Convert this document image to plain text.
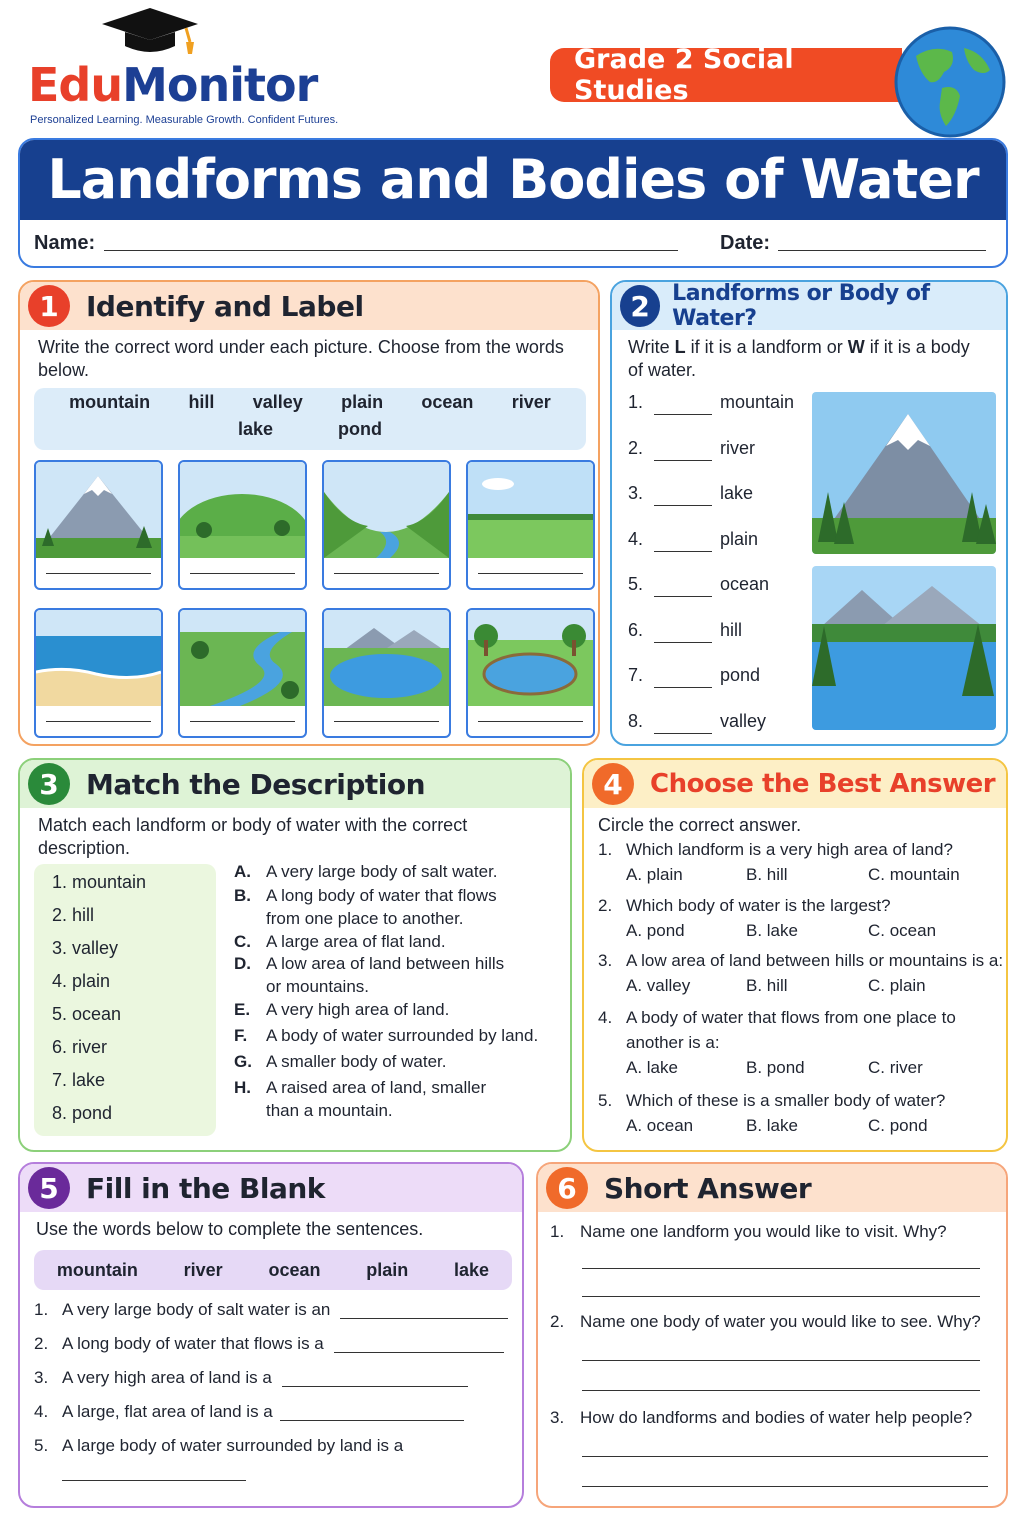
EduMonitor
Personalized Learning. Measurable Growth. Confident Futures.
Grade 2 Social Studies
Landforms and Bodies of Water
Name:	Date:
1 Identify and Label
Write the correct word under each picture. Choose from the words below.
mountain hill valley plain ocean river
lake	pond
2	Landforms or Body of Water?
Write L if it is a landform or W if it is a body of water.
1.	mountain
2.	river
3.	lake
4.	plain
5.	ocean
6.	hill
7.	pond
8.	valley
3 Match the Description
Match each landform or body of water with the correct description.
1. mountain
2. hill
3. valley
4. plain
5. ocean
6. river
7. lake
8. pond
A. A very large body of salt water.
B. A long body of water that flows
from one place to another.
C. A large area of flat land.
D. A low area of land between hills
or mountains.
E. A very high area of land.
F. A body of water surrounded by land.
G. A smaller body of water.
H. A raised area of land, smaller
than a mountain.
4	Choose the Best Answer
Circle the correct answer.
1. Which landform is a very high area of land?
A. plain	B. hill	C. mountain
2. Which body of water is the largest?
A. pond	B. lake	C. ocean
3. A low area of land between hills or mountains is a:
A. valley	B. hill	C. plain
4. A body of water that flows from one place to
another is a:
A. lake	B. pond	C. river
5. Which of these is a smaller body of water?
A. ocean	B. lake	C. pond
5 Fill in the Blank
Use the words below to complete the sentences.
mountain	river	ocean	plain	lake
1. A very large body of salt water is an
2. A long body of water that flows is a
3. A very high area of land is a
4. A large, flat area of land is a
5. A large body of water surrounded by land is a
6 Short Answer
1. Name one landform you would like to visit. Why?
2. Name one body of water you would like to see. Why?
3. How do landforms and bodies of water help people?
